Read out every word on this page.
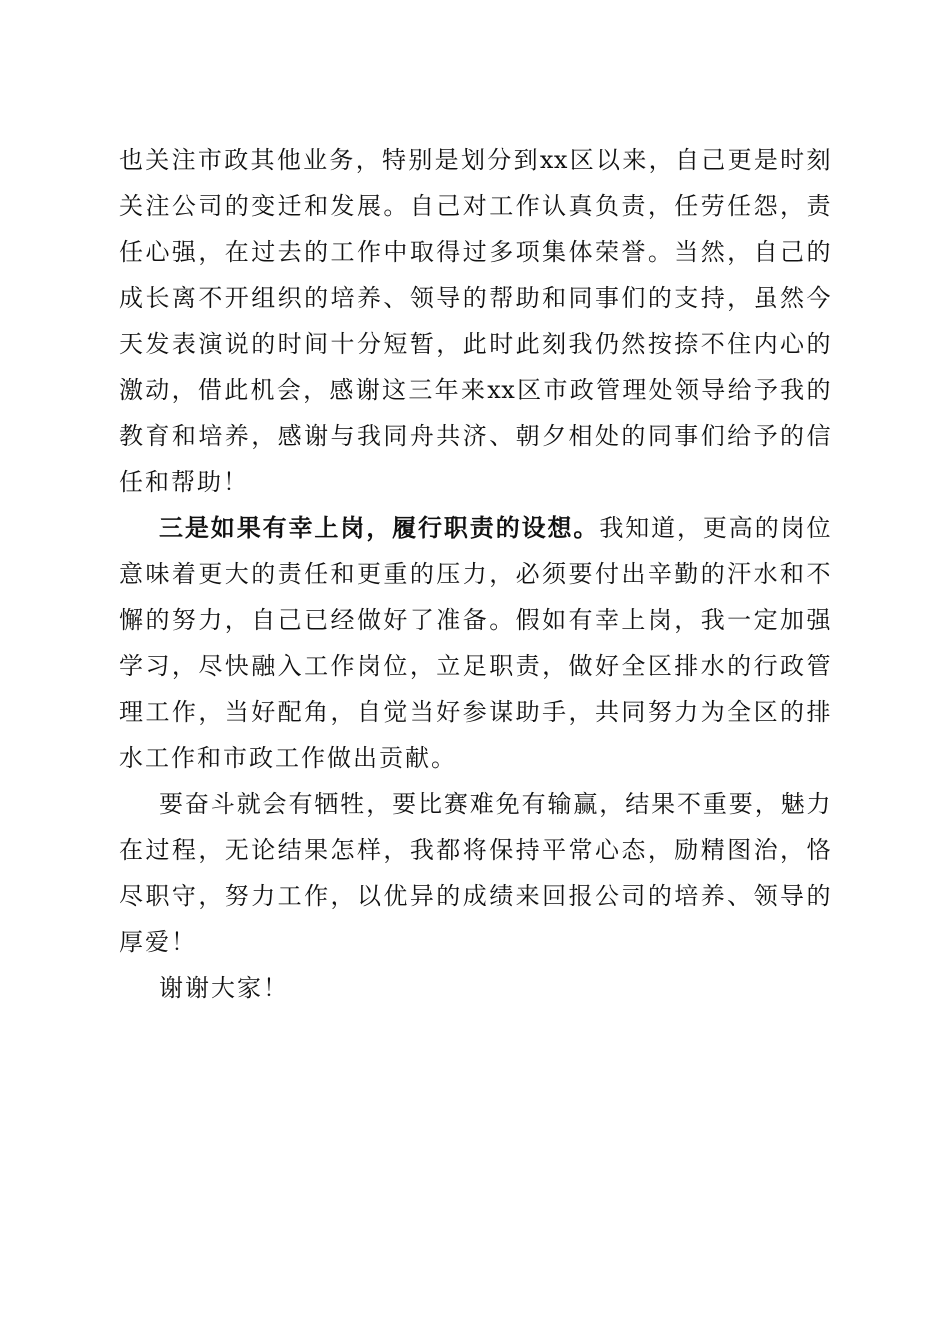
也关注市政其他业务，特别是划分到xx区以来，自己更是时刻
关注公司的变迁和发展。自己对工作认真负责，任劳任怨，责
任心强，在过去的工作中取得过多项集体荣誉。当然，自己的
成长离不开组织的培养、领导的帮助和同事们的支持，虽然今
天发表演说的时间十分短暂，此时此刻我仍然按捺不住内心的
激动，借此机会，感谢这三年来xx区市政管理处领导给予我的
教育和培养，感谢与我同舟共济、朝夕相处的同事们给予的信
任和帮助！
三是如果有幸上岗，履行职责的设想。我知道，更高的岗位
意味着更大的责任和更重的压力，必须要付出辛勤的汗水和不
懈的努力，自己已经做好了准备。假如有幸上岗，我一定加强
学习，尽快融入工作岗位，立足职责，做好全区排水的行政管
理工作，当好配角，自觉当好参谋助手，共同努力为全区的排
水工作和市政工作做出贡献。
要奋斗就会有牺牲，要比赛难免有输赢，结果不重要，魅力
在过程，无论结果怎样，我都将保持平常心态，励精图治，恪
尽职守，努力工作，以优异的成绩来回报公司的培养、领导的
厚爱！
谢谢大家！
